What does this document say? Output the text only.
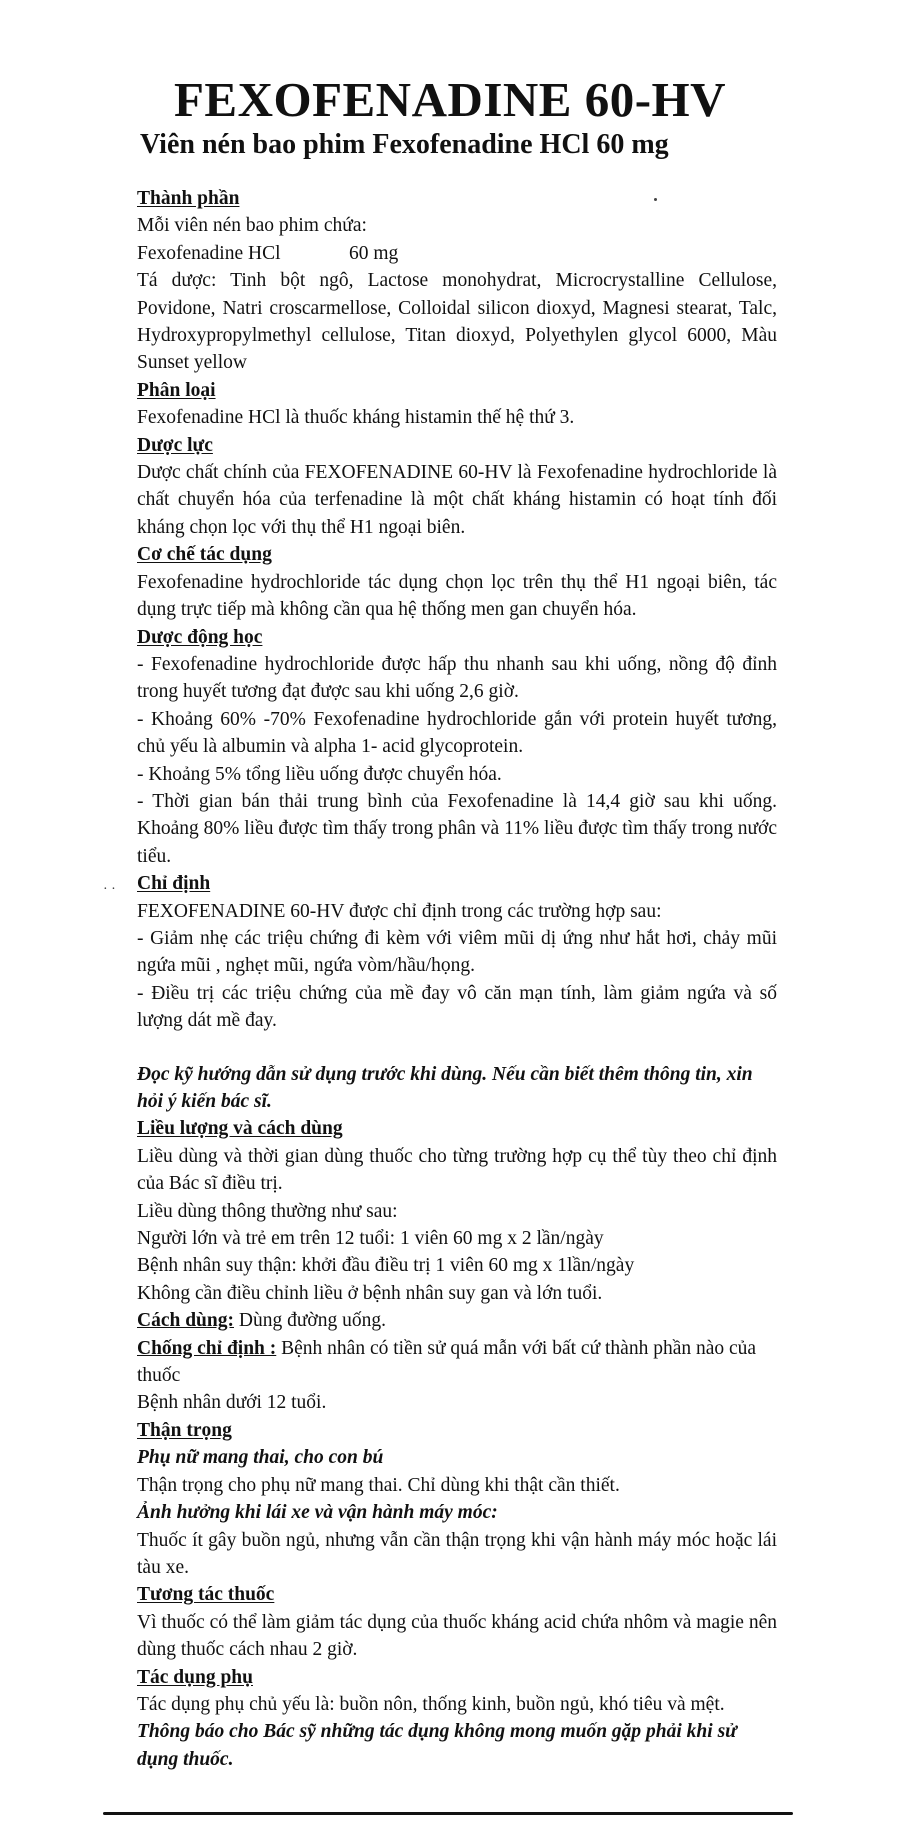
· ·
FEXOFENADINE 60-HV
Viên nén bao phim Fexofenadine HCl 60 mg

Thành phần

Mỗi viên nén bao phim chứa:

Fexofenadine HCl	60 mg

Tá dược: Tinh bột ngô, Lactose monohydrat, Microcrystalline Cellulose, Povidone, Natri croscarmellose, Colloidal silicon dioxyd, Magnesi stearat, Talc, Hydroxypropylmethyl cellulose, Titan dioxyd, Polyethylen glycol 6000, Màu Sunset yellow

Phân loại

Fexofenadine HCl là thuốc kháng histamin thế hệ thứ 3.

Dược lực

Dược chất chính của FEXOFENADINE 60-HV là Fexofenadine hydrochloride là chất chuyển hóa của terfenadine là một chất kháng histamin có hoạt tính đối kháng chọn lọc với thụ thể H1 ngoại biên.

Cơ chế tác dụng

Fexofenadine hydrochloride tác dụng chọn lọc trên thụ thể H1 ngoại biên, tác dụng trực tiếp mà không cần qua hệ thống men gan chuyển hóa.

Dược động học

- Fexofenadine hydrochloride được hấp thu nhanh sau khi uống, nồng độ đỉnh trong huyết tương đạt được sau khi uống 2,6 giờ.

- Khoảng 60% -70% Fexofenadine hydrochloride gắn với protein huyết tương, chủ yếu là albumin và alpha 1- acid glycoprotein.

- Khoảng 5% tổng liều uống được chuyển hóa.

- Thời gian bán thải trung bình của Fexofenadine là 14,4 giờ sau khi uống. Khoảng 80% liều được tìm thấy trong phân và 11% liều được tìm thấy trong nước tiểu.

Chỉ định

FEXOFENADINE 60-HV được chỉ định trong các trường hợp sau:

- Giảm nhẹ các triệu chứng đi kèm với viêm mũi dị ứng như hắt hơi, chảy mũi ngứa mũi , nghẹt mũi, ngứa vòm/hầu/họng.

- Điều trị các triệu chứng của mề đay vô căn mạn tính, làm giảm ngứa và số lượng dát mề đay.

Đọc kỹ hướng dẫn sử dụng trước khi dùng. Nếu cần biết thêm thông tin, xin hỏi ý kiến bác sĩ.

Liều lượng và cách dùng

Liều dùng và thời gian dùng thuốc cho từng trường hợp cụ thể tùy theo chỉ định của Bác sĩ điều trị.

Liều dùng thông thường như sau:

Người lớn và trẻ em trên 12 tuổi: 1 viên 60 mg x 2 lần/ngày

Bệnh nhân suy thận: khởi đầu điều trị 1 viên 60 mg x 1lần/ngày

Không cần điều chỉnh liều ở bệnh nhân suy gan và lớn tuổi.

Cách dùng: Dùng đường uống.

Chống chỉ định : Bệnh nhân có tiền sử quá mẫn với bất cứ thành phần nào của thuốc

Bệnh nhân dưới 12 tuổi.

Thận trọng

Phụ nữ mang thai, cho con bú

Thận trọng cho phụ nữ mang thai. Chỉ dùng khi thật cần thiết.

Ảnh hưởng khi lái xe và vận hành máy móc:

Thuốc ít gây buồn ngủ, nhưng vẫn cần thận trọng khi vận hành máy móc hoặc lái tàu xe.

Tương tác thuốc

Vì thuốc có thể làm giảm tác dụng của thuốc kháng acid chứa nhôm và magie nên dùng thuốc cách nhau 2 giờ.

Tác dụng phụ

Tác dụng phụ chủ yếu là: buồn nôn, thống kinh, buồn ngủ, khó tiêu và mệt.

Thông báo cho Bác sỹ những tác dụng không mong muốn gặp phải khi sử dụng thuốc.
